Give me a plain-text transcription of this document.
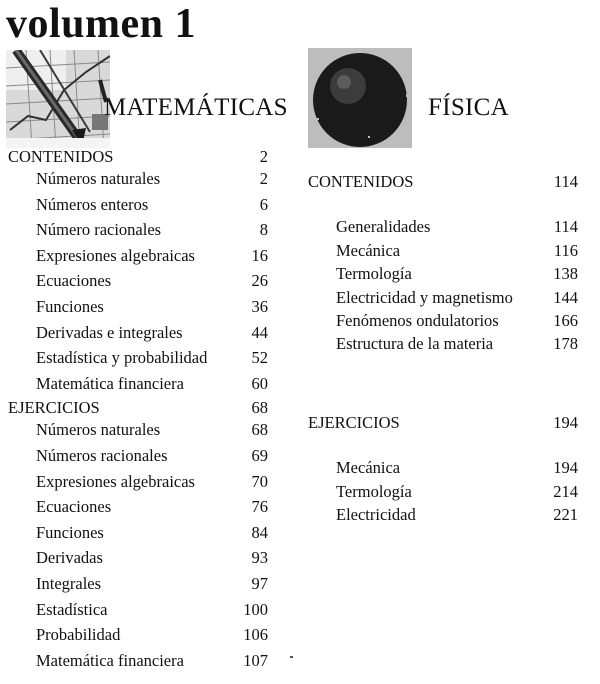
volumen 1
MATEMÁTICAS	FÍSICA
CONTENIDOS	2
Números naturales	2
Números enteros	6
Número racionales	8
Expresiones algebraicas	16
Ecuaciones	26
Funciones	36
Derivadas e integrales	44
Estadística y probabilidad	52
Matemática financiera	60
EJERCICIOS	68
Números naturales	68
Números racionales	69
Expresiones algebraicas	70
Ecuaciones	76
Funciones	84
Derivadas	93
Integrales	97
Estadística	100
Probabilidad	106
Matemática financiera	107
CONTENIDOS	114
Generalidades	114
Mecánica	116
Termología	138
Electricidad y magnetismo 144
Fenómenos ondulatorios	166
Estructura de la materia	178
EJERCICIOS	194
Mecánica	194
Termología	214
Electricidad	221
